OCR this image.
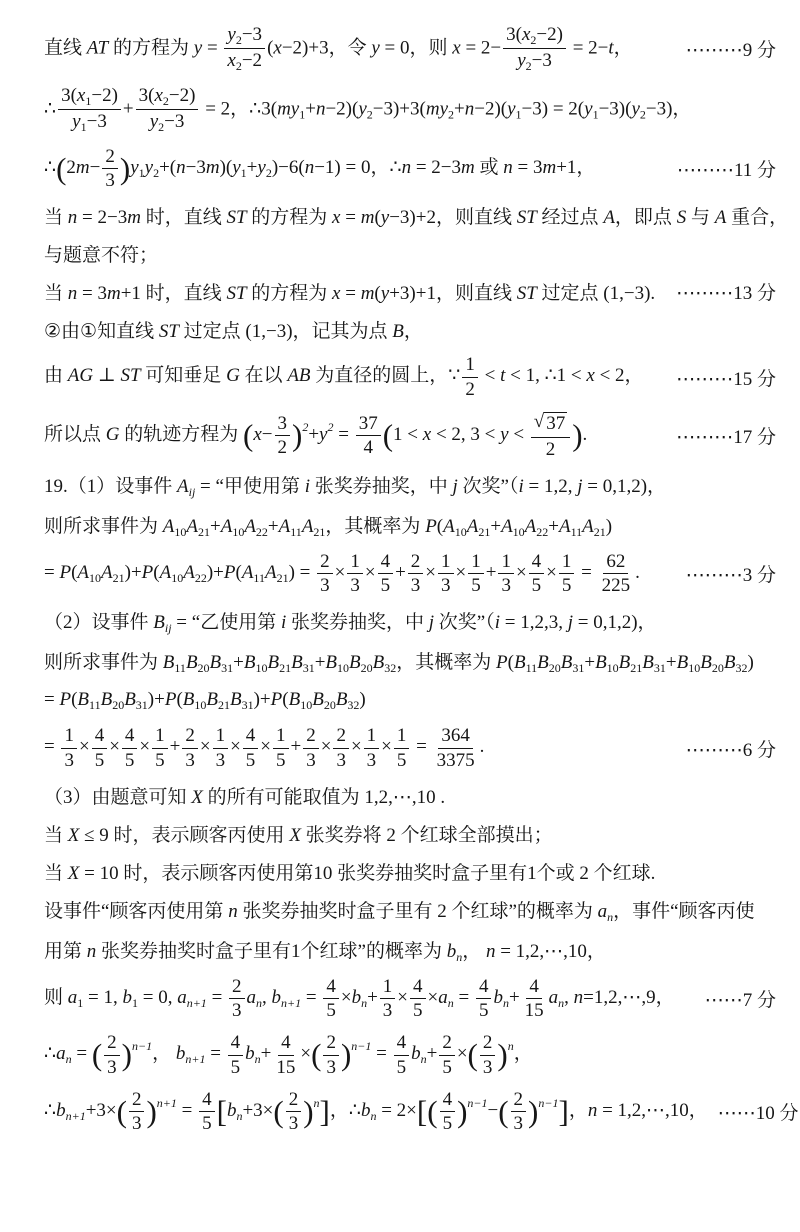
直线 AT 的方程为 $y = \frac{y_2-3}{x_2-2} (x-2)+3$，令 y = 0，则 $x = 2- \frac{3(x_2-2)}{y_2-3} = 2-t$，	⋯⋯⋯9 分
∴ $\frac{3(x_1-2)}{y_1-3} + \frac{3(x_2-2)}{y_2-3} = 2$，$\therefore 3(my_1+n-2)(y_2-3)+3(my_2+n-2)(y_1-3) = 2(y_1-3)(y_2-3)$，
∴(2m− $\frac{2}{3} )y_1y_2+(n-3m)(y_1+y_2)-6(n-1) = 0$，∴n = 2−3m 或 n = 3m+1，	⋯⋯⋯11 分
当 n = 2−3m 时，直线 ST 的方程为 x = m(y−3)+2，则直线 ST 经过点 A，即点 S 与 A 重合，
与题意不符；
当 n = 3m+1 时，直线 ST 的方程为 x = m(y+3)+1，则直线 ST 过定点 (1,−3).	⋯⋯⋯13 分
②由①知直线 ST 过定点 (1,−3)，记其为点 B，
由 AG ⊥ ST 可知垂足 G 在以 AB 为直径的圆上，∵ $\frac{1}{2} < t < 1$, ∴1 < x < 2，	⋯⋯⋯15 分
所以点 G 的轨迹方程为 $(x- \frac{3}{2} )^2+y^2 = \frac{37}{4} (1 < x < 2$, $3 < y < \frac{√ 37}{2}$ ).	⋯⋯⋯17 分
19.（1）设事件 $A_{ij}$ = “甲使用第 i 张奖券抽奖，中 j 次奖”（i = 1,2, j = 0,1,2)，
则所求事件为 $A_{10}A_{21}+A_{10}A_{22}+A_{11}A_{21}$，其概率为 $P(A_{10}A_{21}+A_{10}A_{22}+A_{11}A_{21})$
= $P(A_{10}A_{21})+P(A_{10}A_{22})+P(A_{11}A_{21}) = \frac{2}{3} \times \frac{1}{3} \times \frac{4}{5} + \frac{2}{3} \times \frac{1}{3} \times \frac{1}{5} + \frac{1}{3} \times \frac{4}{5} \times \frac{1}{5} = \frac{62}{225}$ .	⋯⋯⋯3 分
（2）设事件 $B_{ij}$ = “乙使用第 i 张奖券抽奖，中 j 次奖”（i = 1,2,3, j = 0,1,2)，
则所求事件为 $B_{11}B_{20}B_{31}+B_{10}B_{21}B_{31}+B_{10}B_{20}B_{32}$，其概率为 $P(B_{11}B_{20}B_{31}+B_{10}B_{21}B_{31}+B_{10}B_{20}B_{32})$
= $P(B_{11}B_{20}B_{31})+P(B_{10}B_{21}B_{31})+P(B_{10}B_{20}B_{32})$
= $\frac{1}{3} \times \frac{4}{5} \times \frac{4}{5} \times \frac{1}{5} + \frac{2}{3} \times \frac{1}{3} \times \frac{4}{5} \times \frac{1}{5} + \frac{2}{3} \times \frac{2}{3} \times \frac{1}{3} \times \frac{1}{5} = \frac{364}{3375}$ .	⋯⋯⋯6 分
（3）由题意可知 X 的所有可能取值为 1,2,⋯,10 .
当 X ≤ 9 时，表示顾客丙使用 X 张奖券将 2 个红球全部摸出；
当 X = 10 时，表示顾客丙使用第10 张奖券抽奖时盒子里有1个或 2 个红球.
设事件“顾客丙使用第 n 张奖券抽奖时盒子里有 2 个红球”的概率为 $a_n$，事件“顾客丙使
用第 n 张奖券抽奖时盒子里有1个红球”的概率为 $b_n$， n = 1,2,⋯,10，
则 $a_1 = 1$, $b_1 = 0$, $a_{n+1} = \frac{2}{3} a_n$, $b_{n+1} = \frac{4}{5} \times b_n+ \frac{1}{3} \times \frac{4}{5} \times a_n = \frac{4}{5} b_n+ \frac{4}{15} a_n$, n=1,2,⋯,9，	⋯⋯7 分
$\therefore a_n$ = ( $\frac{2}{3} )^{n-1}$， $b_{n+1} = \frac{4}{5} b_n+ \frac{4}{15}$ ×( $\frac{2}{3} )^{n-1} = \frac{4}{5} b_n+ \frac{2}{5}$ ×( $\frac{2}{3} )^n$，
$\therefore b_{n+1}+3\times( \frac{2}{3} )^{n+1} = \frac{4}{5} [b_n+3\times( \frac{2}{3} )^n]$，$\therefore b_n = 2\times[( \frac{4}{5} )^{n-1}-( \frac{2}{3} )^{n-1}]$，n = 1,2,⋯,10， ⋯⋯10 分
